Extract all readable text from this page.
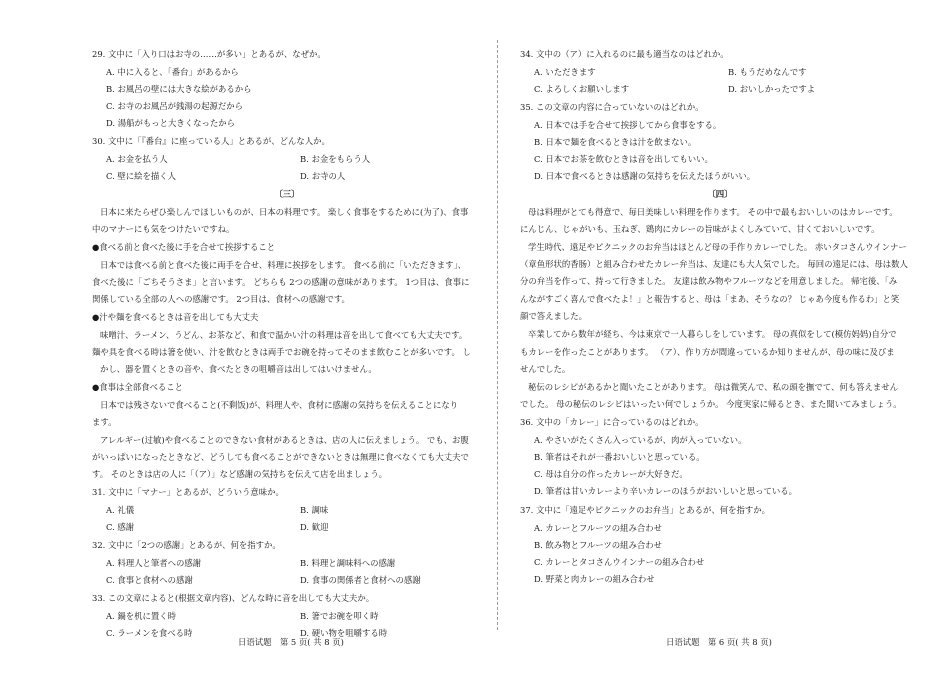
29. 文中に「入り口はお寺の……が多い」とあるが、なぜか。
A. 中に入ると、「番台」があるから
B. お風呂の壁には大きな絵があるから
C. お寺のお風呂が銭湯の起源だから
D. 湯船がもっと大きくなったから
30. 文中に「『番台』に座っている人」とあるが、どんな人か。
A. お金を払う人	B. お金をもらう人
C. 壁に絵を描く人	D. お寺の人
〔三〕
日本に来たらぜひ楽しんでほしいものが、日本の料理です。 楽しく食事をするために(为了)、食事
中のマナーにも気をつけたいですね。
●食べる前と食べた後に手を合せて挨拶すること
日本では食べる前と食べた後に両手を合せ、料理に挨拶をします。 食べる前に「いただきます」、
食べた後に「ごちそうさま」と言います。 どちらも 2つの感謝の意味があります。 1つ目は、食事に
関係している全部の人への感謝です。 2つ目は、食材への感謝です。
●汁や麺を食べるときは音を出しても大丈夫
味噌汁、ラーメン、うどん、お茶など、和食で温かい汁の料理は音を出して食べても大丈夫です。
麺や具を食べる時は箸を使い、汁を飲むときは両手でお碗を持ってそのまま飲むことが多いです。 し
かし、器を置くときの音や、食べたときの咀嚼音は出してはいけません。
●食事は全部食べること
日本では残さないで食べること(不剩饭)が、料理人や、食材に感謝の気持ちを伝えることになり
ます。
アレルギー(过敏)や食べることのできない食材があるときは、店の人に伝えましょう。 でも、お腹
がいっぱいになったときなど、どうしても食べることができないときは無理に食べなくても大丈夫で
す。 そのときは店の人に「（ア）」など感謝の気持ちを伝えて店を出ましょう。
31. 文中に「マナー」とあるが、どういう意味か。
A. 礼儀	B. 調味
C. 感謝	D. 歓迎
32. 文中に「2つの感謝」とあるが、何を指すか。
A. 料理人と筆者への感謝	B. 料理と調味料への感謝
C. 食事と食材への感謝	D. 食事の関係者と食材への感謝
33. この文章によると(根据文章内容)、どんな時に音を出しても大丈夫か。
A. 鍋を机に置く時	B. 箸でお碗を叩く時
C. ラーメンを食べる時	D. 硬い物を咀嚼する時
34. 文中の（ア）に入れるのに最も適当なのはどれか。
A. いただきます	B. もうだめなんです
C. よろしくお願いします	D. おいしかったですよ
35. この文章の内容に合っていないのはどれか。
A. 日本では手を合せて挨拶してから食事をする。
B. 日本で麺を食べるときは汁を飲まない。
C. 日本でお茶を飲むときは音を出してもいい。
D. 日本で食べるときは感謝の気持ちを伝えたほうがいい。
〔四〕
母は料理がとても得意で、毎日美味しい料理を作ります。 その中で最もおいしいのはカレーです。
にんじん、じゃがいも、玉ねぎ、鶏肉にカレーの旨味がよくしみていて、甘くておいしいです。
学生時代、遠足やピクニックのお弁当はほとんど母の手作りカレーでした。 赤いタコさんウインナー
（章鱼形状的香肠）と組み合わせたカレー弁当は、友達にも大人気でした。 毎回の遠足には、母は数人
分の弁当を作って、持って行きました。 友達は飲み物やフルーツなどを用意しました。 帰宅後、「み
んながすごく喜んで食べたよ！」と報告すると、母は「まあ、そうなの？ じゃあ今度も作るわ」と笑
顔で答えました。
卒業してから数年が経ち、今は東京で一人暮らしをしています。 母の真似をして(模仿妈妈)自分で
もカレーを作ったことがあります。 （ア）、作り方が間違っているか知りませんが、母の味に及びま
せんでした。
秘伝のレシピがあるかと聞いたことがあります。 母は微笑んで、私の頭を撫でて、何も答えません
でした。 母の秘伝のレシピはいったい何でしょうか。 今度実家に帰るとき、また聞いてみましょう。
36. 文中の「カレー」に合っているのはどれか。
A. やさいがたくさん入っているが、肉が入っていない。
B. 筆者はそれが一番おいしいと思っている。
C. 母は自分の作ったカレーが大好きだ。
D. 筆者は甘いカレーより辛いカレーのほうがおいしいと思っている。
37. 文中に「遠足やピクニックのお弁当」とあるが、何を指すか。
A. カレーとフルーツの組み合わせ
B. 飲み物とフルーツの組み合わせ
C. カレーとタコさんウインナーの組み合わせ
D. 野菜と肉カレーの組み合わせ
日语试题　第 5 页( 共 8 页)	日语试题　第 6 页( 共 8 页)
